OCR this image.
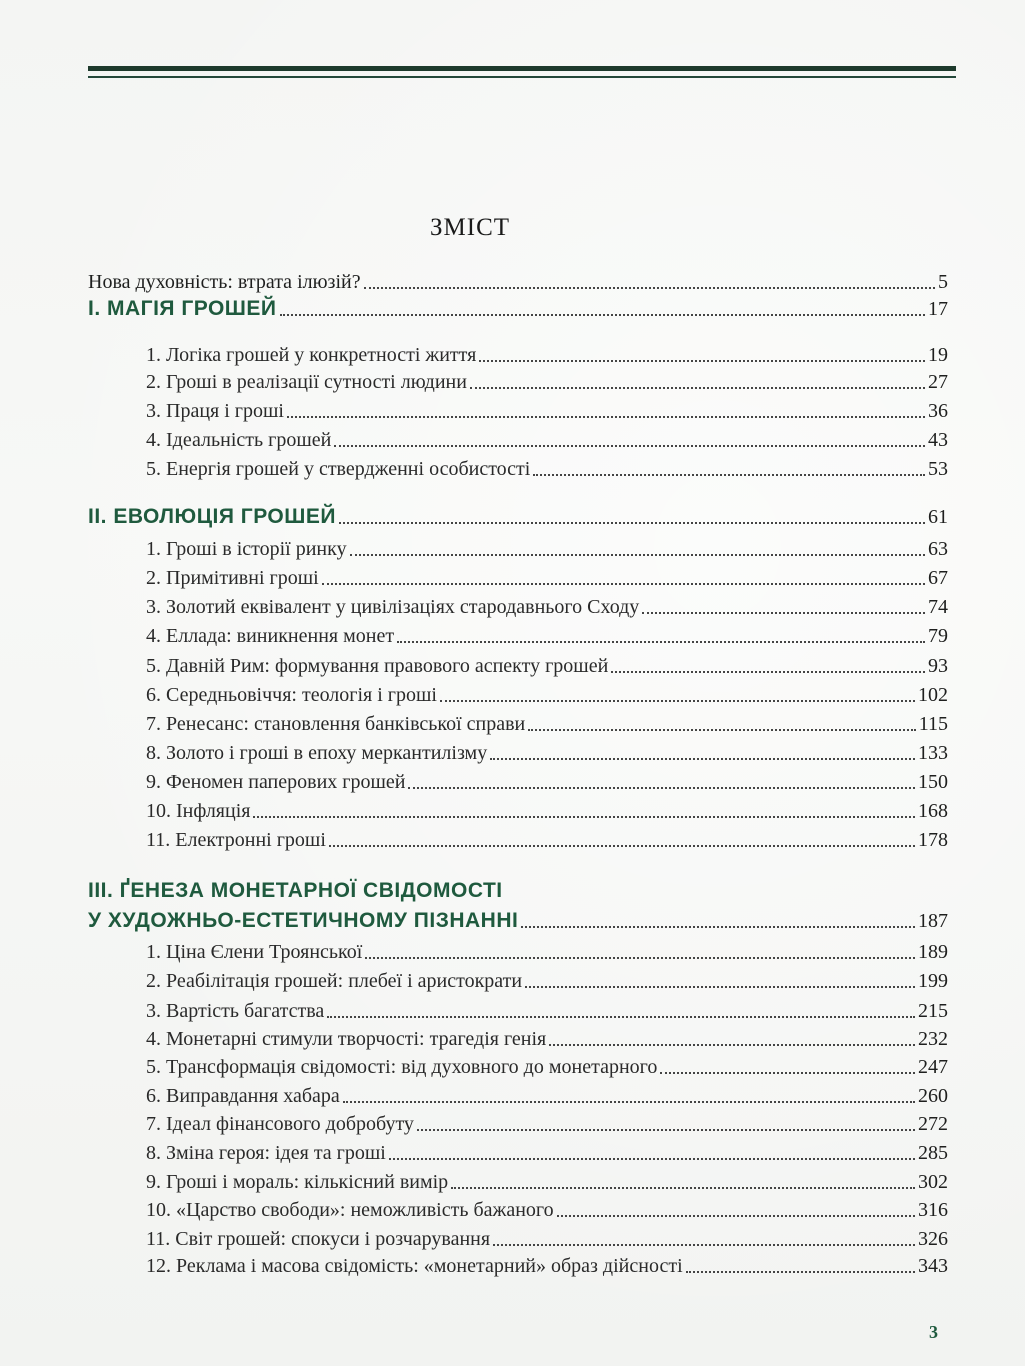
ЗМІСТ
Нова духовність: втрата ілюзій?	5
І. МАГІЯ ГРОШЕЙ	17
1. Логіка грошей у конкретності життя	19
2. Гроші в реалізації сутності людини	27
3. Праця і гроші	36
4. Ідеальність грошей	43
5. Енергія грошей у ствердженні особистості	53
ІІ. ЕВОЛЮЦІЯ ГРОШЕЙ	61
1. Гроші в історії ринку	63
2. Примітивні гроші	67
3. Золотий еквівалент у цивілізаціях стародавнього Сходу	74
4. Еллада: виникнення монет	79
5. Давній Рим: формування правового аспекту грошей	93
6. Середньовіччя: теологія і гроші	102
7. Ренесанс: становлення банківської справи	115
8. Золото і гроші в епоху меркантилізму	133
9. Феномен паперових грошей	150
10. Інфляція	168
11. Електронні гроші	178
ІІІ. ҐЕНЕЗА МОНЕТАРНОЇ СВІДОМОСТІ
У ХУДОЖНЬО-ЕСТЕТИЧНОМУ ПІЗНАННІ	187
1. Ціна Єлени Троянської	189
2. Реабілітація грошей: плебеї і аристократи	199
3. Вартість багатства	215
4. Монетарні стимули творчості: трагедія генія	232
5. Трансформація свідомості: від духовного до монетарного	247
6. Виправдання хабара	260
7. Ідеал фінансового добробуту	272
8. Зміна героя: ідея та гроші	285
9. Гроші і мораль: кількісний вимір	302
10. «Царство свободи»: неможливість бажаного	316
11. Світ грошей: спокуси і розчарування	326
12. Реклама і масова свідомість: «монетарний» образ дійсності	343
3
